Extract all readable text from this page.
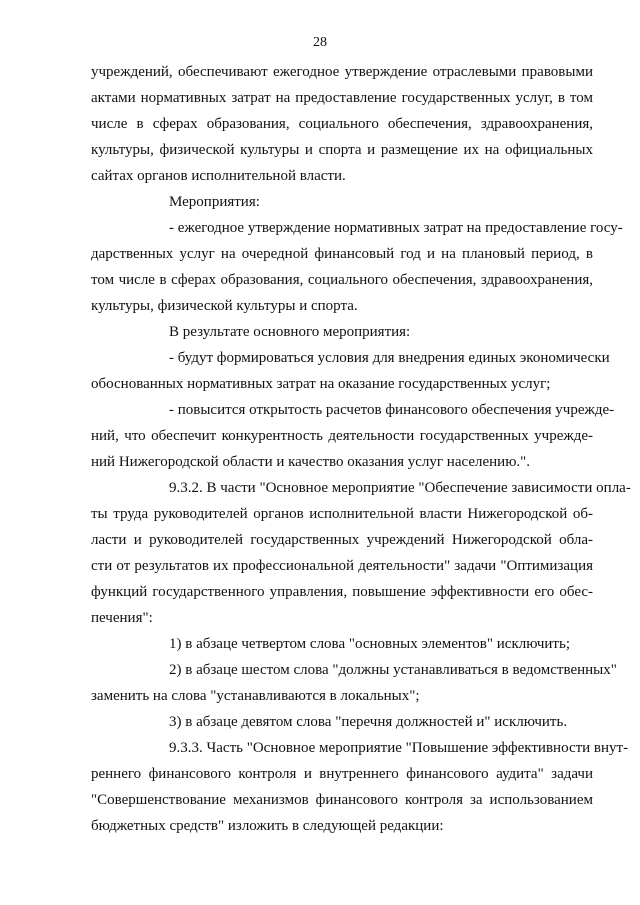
28
учреждений, обеспечивают ежегодное утверждение отраслевыми правовыми
актами нормативных затрат на предоставление государственных услуг, в том
числе в сферах образования, социального обеспечения, здравоохранения,
культуры, физической культуры и спорта и размещение их на официальных
сайтах органов исполнительной власти.
Мероприятия:
- ежегодное утверждение нормативных затрат на предоставление госу-
дарственных услуг на очередной финансовый год и на плановый период, в
том числе в сферах образования, социального обеспечения, здравоохранения,
культуры, физической культуры и спорта.
В результате основного мероприятия:
- будут формироваться условия для внедрения единых экономически
обоснованных нормативных затрат на оказание государственных услуг;
- повысится открытость расчетов финансового обеспечения учрежде-
ний, что обеспечит конкурентность деятельности государственных учрежде-
ний Нижегородской области и качество оказания услуг населению.".
9.3.2. В части "Основное мероприятие "Обеспечение зависимости опла-
ты труда руководителей органов исполнительной власти Нижегородской об-
ласти и руководителей государственных учреждений Нижегородской обла-
сти от результатов их профессиональной деятельности" задачи "Оптимизация
функций государственного управления, повышение эффективности его обес-
печения":
1) в абзаце четвертом слова "основных элементов" исключить;
2) в абзаце шестом слова "должны устанавливаться в ведомственных"
заменить на слова "устанавливаются в локальных";
3) в абзаце девятом слова "перечня должностей и" исключить.
9.3.3. Часть "Основное мероприятие "Повышение эффективности внут-
реннего финансового контроля и внутреннего финансового аудита" задачи
"Совершенствование механизмов финансового контроля за использованием
бюджетных средств" изложить в следующей редакции:
